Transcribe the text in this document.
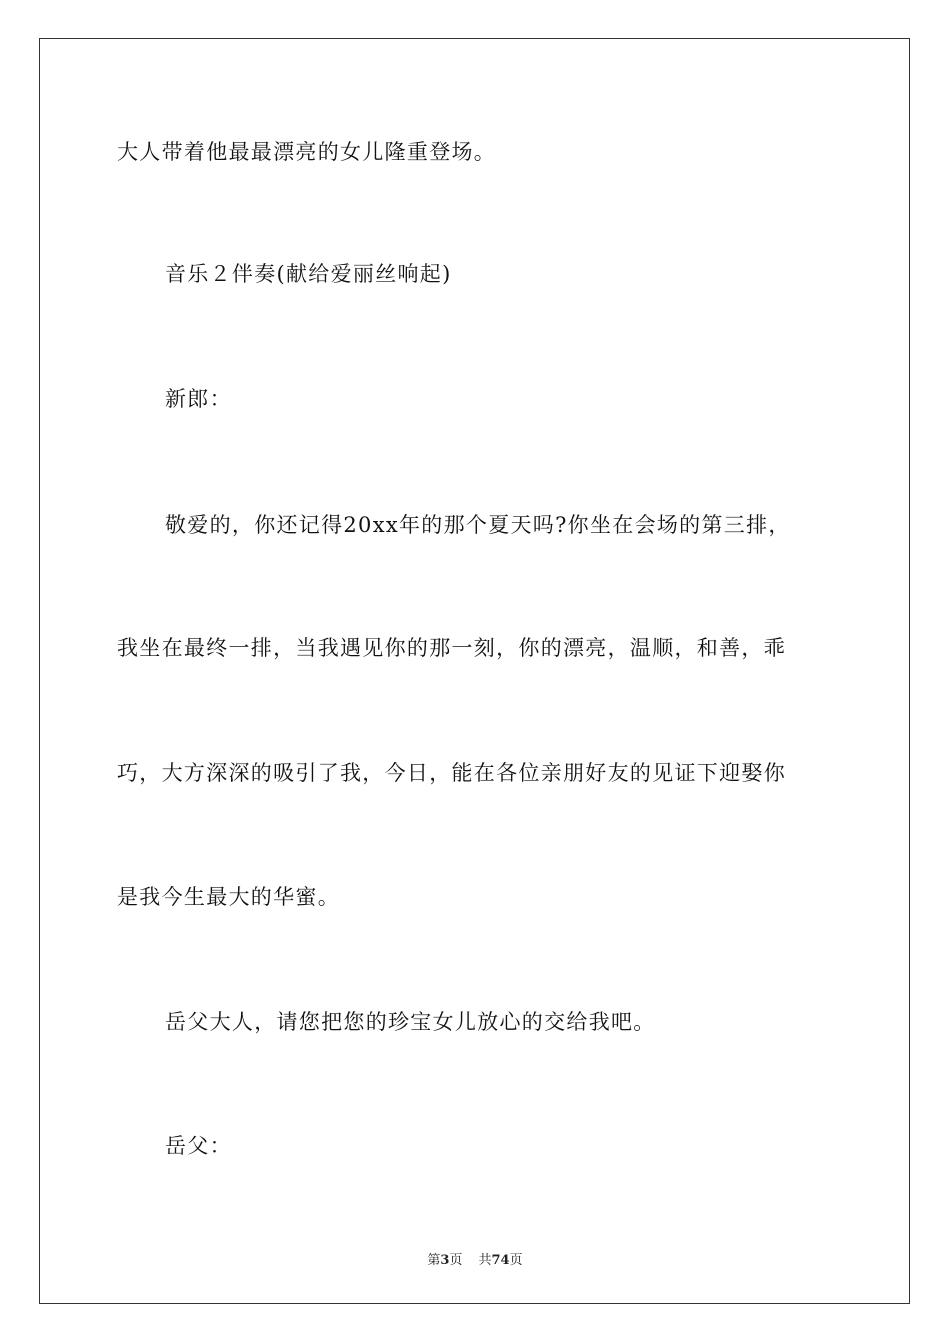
大人带着他最最漂亮的女儿隆重登场。
音乐２伴奏(献给爱丽丝响起)
新郎：
敬爱的，你还记得20xx年的那个夏天吗?你坐在会场的第三排，
我坐在最终一排，当我遇见你的那一刻，你的漂亮，温顺，和善，乖
巧，大方深深的吸引了我，今日，能在各位亲朋好友的见证下迎娶你
是我今生最大的华蜜。
岳父大人，请您把您的珍宝女儿放心的交给我吧。
岳父：
第3页 共74页
